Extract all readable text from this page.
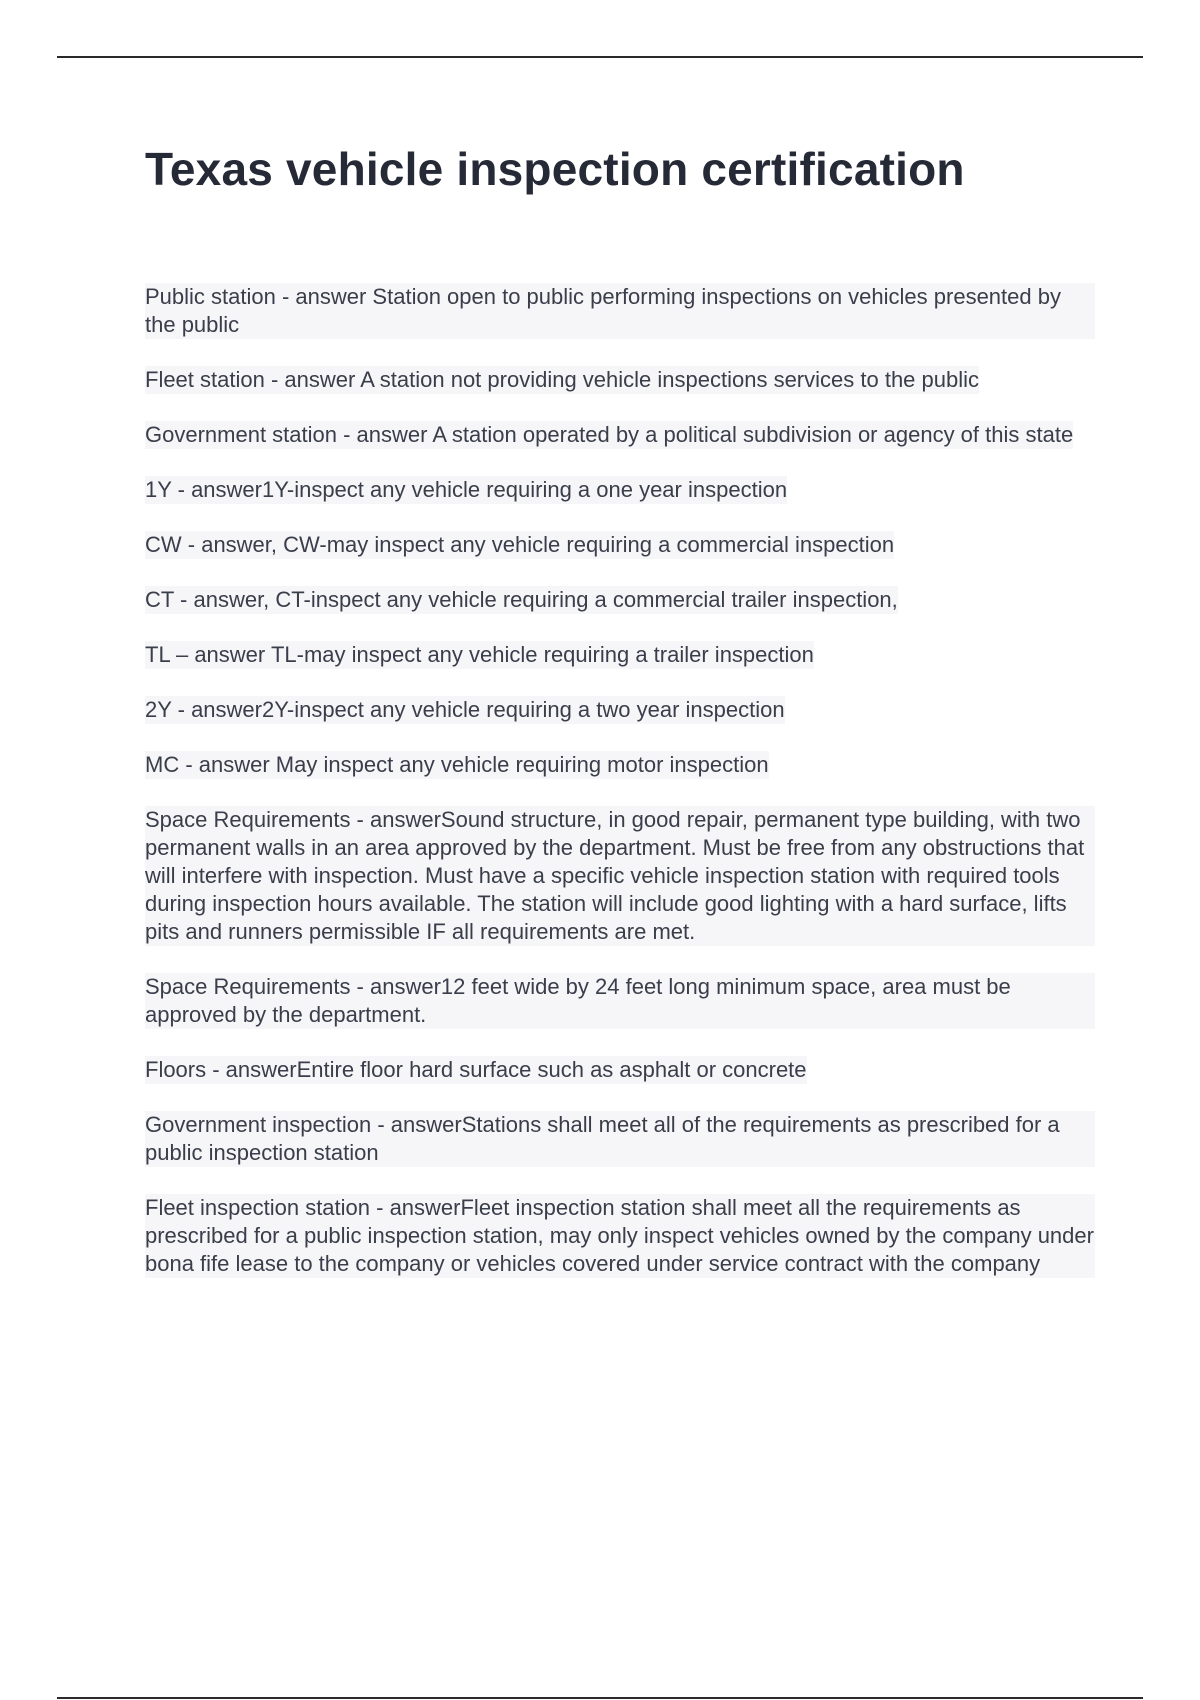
Texas vehicle inspection certification
Public station - answer Station open to public performing inspections on vehicles presented by the public
Fleet station - answer A station not providing vehicle inspections services to the public
Government station - answer A station operated by a political subdivision or agency of this state
1Y - answer1Y-inspect any vehicle requiring a one year inspection
CW - answer, CW-may inspect any vehicle requiring a commercial inspection
CT - answer, CT-inspect any vehicle requiring a commercial trailer inspection,
TL – answer TL-may inspect any vehicle requiring a trailer inspection
2Y - answer2Y-inspect any vehicle requiring a two year inspection
MC - answer May inspect any vehicle requiring motor inspection
Space Requirements - answerSound structure, in good repair, permanent type building, with two permanent walls in an area approved by the department. Must be free from any obstructions that will interfere with inspection. Must have a specific vehicle inspection station with required tools during inspection hours available. The station will include good lighting with a hard surface, lifts pits and runners permissible IF all requirements are met.
Space Requirements - answer12 feet wide by 24 feet long minimum space, area must be approved by the department.
Floors - answerEntire floor hard surface such as asphalt or concrete
Government inspection - answerStations shall meet all of the requirements as prescribed for a public inspection station
Fleet inspection station - answerFleet inspection station shall meet all the requirements as prescribed for a public inspection station, may only inspect vehicles owned by the company under bona fife lease to the company or vehicles covered under service contract with the company
